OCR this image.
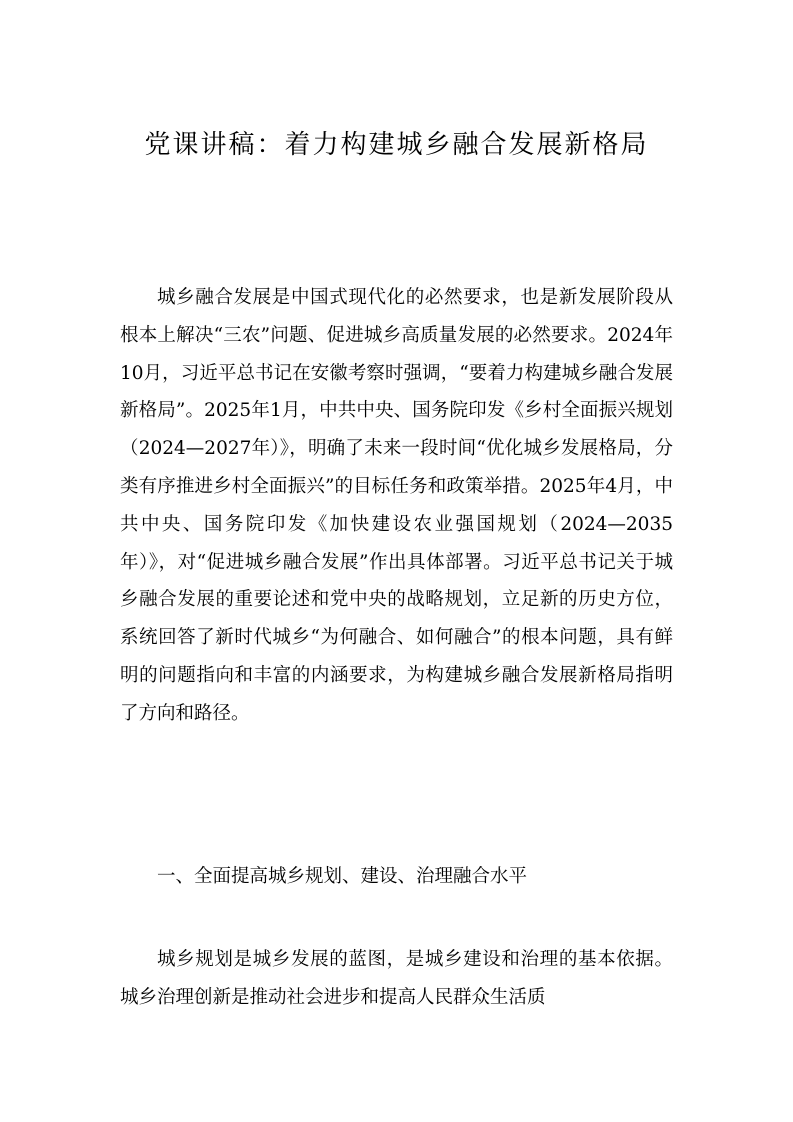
党课讲稿：着力构建城乡融合发展新格局

城乡融合发展是中国式现代化的必然要求，也是新发展阶段从根本上解决“三农”问题、促进城乡高质量发展的必然要求。2024年10月，习近平总书记在安徽考察时强调，“要着力构建城乡融合发展新格局”。2025年1月，中共中央、国务院印发《乡村全面振兴规划（2024—2027年）》，明确了未来一段时间“优化城乡发展格局，分类有序推进乡村全面振兴”的目标任务和政策举措。2025年4月，中共中央、国务院印发《加快建设农业强国规划（2024—2035年）》，对“促进城乡融合发展”作出具体部署。习近平总书记关于城乡融合发展的重要论述和党中央的战略规划，立足新的历史方位，系统回答了新时代城乡“为何融合、如何融合”的根本问题，具有鲜明的问题指向和丰富的内涵要求，为构建城乡融合发展新格局指明了方向和路径。

一、全面提高城乡规划、建设、治理融合水平

城乡规划是城乡发展的蓝图，是城乡建设和治理的基本依据。城乡治理创新是推动社会进步和提高人民群众生活质
